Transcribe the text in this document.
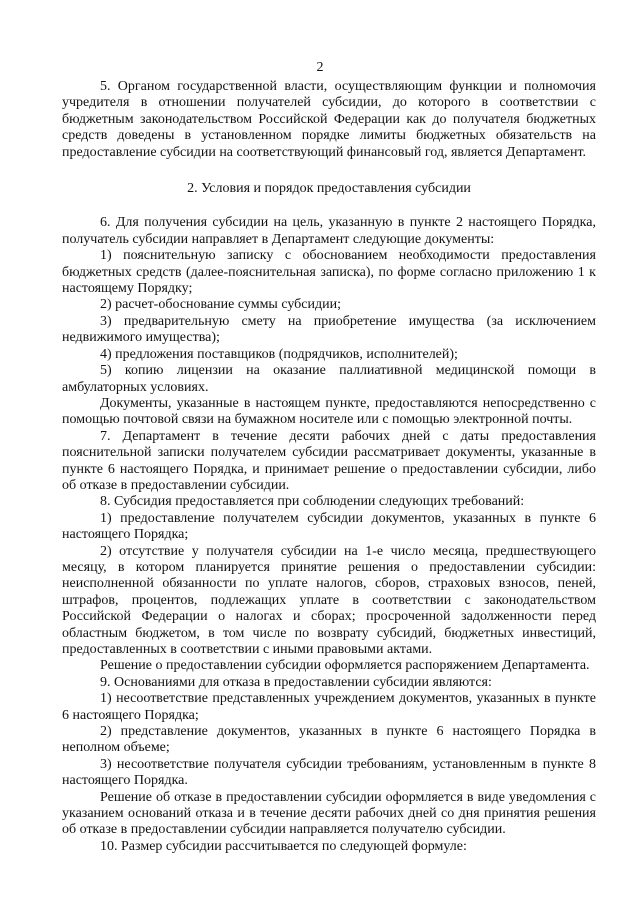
2

5. Органом государственной власти, осуществляющим функции и полномочия учредителя в отношении получателей субсидии, до которого в соответствии с бюджетным законодательством Российской Федерации как до получателя бюджетных средств доведены в установленном порядке лимиты бюджетных обязательств на предоставление субсидии на соответствующий финансовый год, является Департамент.

2. Условия и порядок предоставления субсидии

6. Для получения субсидии на цель, указанную в пункте 2 настоящего Порядка, получатель субсидии направляет в Департамент следующие документы:

1) пояснительную записку с обоснованием необходимости предоставления бюджетных средств (далее-пояснительная записка), по форме согласно приложению 1 к настоящему Порядку;

2) расчет-обоснование суммы субсидии;

3) предварительную смету на приобретение имущества (за исключением недвижимого имущества);

4) предложения поставщиков (подрядчиков, исполнителей);

5) копию лицензии на оказание паллиативной медицинской помощи в амбулаторных условиях.

Документы, указанные в настоящем пункте, предоставляются непосредственно с помощью почтовой связи на бумажном носителе или с помощью электронной почты.

7. Департамент в течение десяти рабочих дней с даты предоставления пояснительной записки получателем субсидии рассматривает документы, указанные в пункте 6 настоящего Порядка, и принимает решение о предоставлении субсидии, либо об отказе в предоставлении субсидии.

8. Субсидия предоставляется при соблюдении следующих требований:

1) предоставление получателем субсидии документов, указанных в пункте 6 настоящего Порядка;

2) отсутствие у получателя субсидии на 1-е число месяца, предшествующего месяцу, в котором планируется принятие решения о предоставлении субсидии: неисполненной обязанности по уплате налогов, сборов, страховых взносов, пеней, штрафов, процентов, подлежащих уплате в соответствии с законодательством Российской Федерации о налогах и сборах; просроченной задолженности перед областным бюджетом, в том числе по возврату субсидий, бюджетных инвестиций, предоставленных в соответствии с иными правовыми актами.

Решение о предоставлении субсидии оформляется распоряжением Департамента.

9. Основаниями для отказа в предоставлении субсидии являются:

1) несоответствие представленных учреждением документов, указанных в пункте 6 настоящего Порядка;

2) представление документов, указанных в пункте 6 настоящего Порядка в неполном объеме;

3) несоответствие получателя субсидии требованиям, установленным в пункте 8 настоящего Порядка.

Решение об отказе в предоставлении субсидии оформляется в виде уведомления с указанием оснований отказа и в течение десяти рабочих дней со дня принятия решения об отказе в предоставлении субсидии направляется получателю субсидии.

10. Размер субсидии рассчитывается по следующей формуле:
